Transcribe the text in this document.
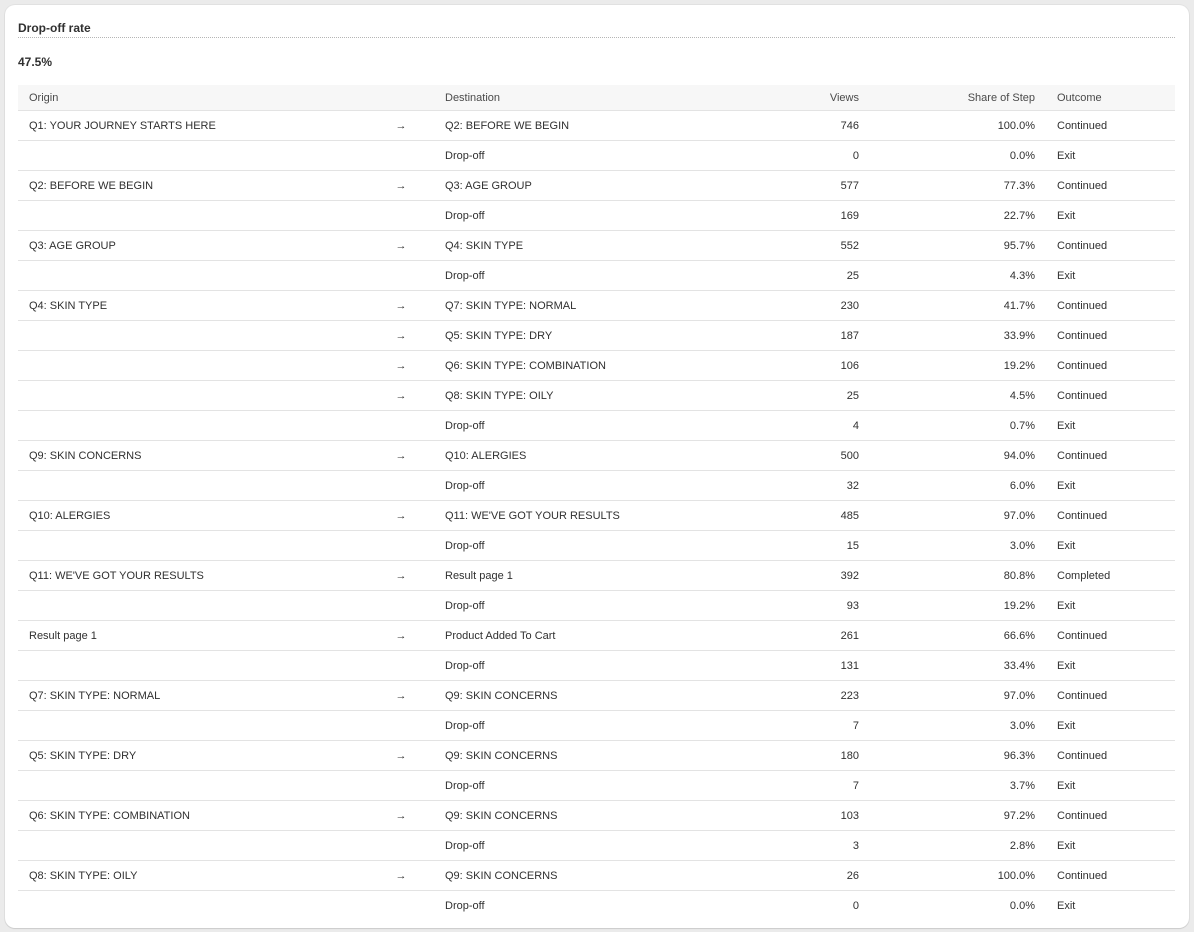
Drop-off rate
47.5%
Origin		Destination	Views	Share of Step	Outcome
Q1: YOUR JOURNEY STARTS HERE	→	Q2: BEFORE WE BEGIN	746	100.0%	Continued
		Drop-off	0	0.0%	Exit
Q2: BEFORE WE BEGIN	→	Q3: AGE GROUP	577	77.3%	Continued
		Drop-off	169	22.7%	Exit
Q3: AGE GROUP	→	Q4: SKIN TYPE	552	95.7%	Continued
		Drop-off	25	4.3%	Exit
Q4: SKIN TYPE	→	Q7: SKIN TYPE: NORMAL	230	41.7%	Continued
	→	Q5: SKIN TYPE: DRY	187	33.9%	Continued
	→	Q6: SKIN TYPE: COMBINATION	106	19.2%	Continued
	→	Q8: SKIN TYPE: OILY	25	4.5%	Continued
		Drop-off	4	0.7%	Exit
Q9: SKIN CONCERNS	→	Q10: ALERGIES	500	94.0%	Continued
		Drop-off	32	6.0%	Exit
Q10: ALERGIES	→	Q11: WE'VE GOT YOUR RESULTS	485	97.0%	Continued
		Drop-off	15	3.0%	Exit
Q11: WE'VE GOT YOUR RESULTS	→	Result page 1	392	80.8%	Completed
		Drop-off	93	19.2%	Exit
Result page 1	→	Product Added To Cart	261	66.6%	Continued
		Drop-off	131	33.4%	Exit
Q7: SKIN TYPE: NORMAL	→	Q9: SKIN CONCERNS	223	97.0%	Continued
		Drop-off	7	3.0%	Exit
Q5: SKIN TYPE: DRY	→	Q9: SKIN CONCERNS	180	96.3%	Continued
		Drop-off	7	3.7%	Exit
Q6: SKIN TYPE: COMBINATION	→	Q9: SKIN CONCERNS	103	97.2%	Continued
		Drop-off	3	2.8%	Exit
Q8: SKIN TYPE: OILY	→	Q9: SKIN CONCERNS	26	100.0%	Continued
		Drop-off	0	0.0%	Exit
